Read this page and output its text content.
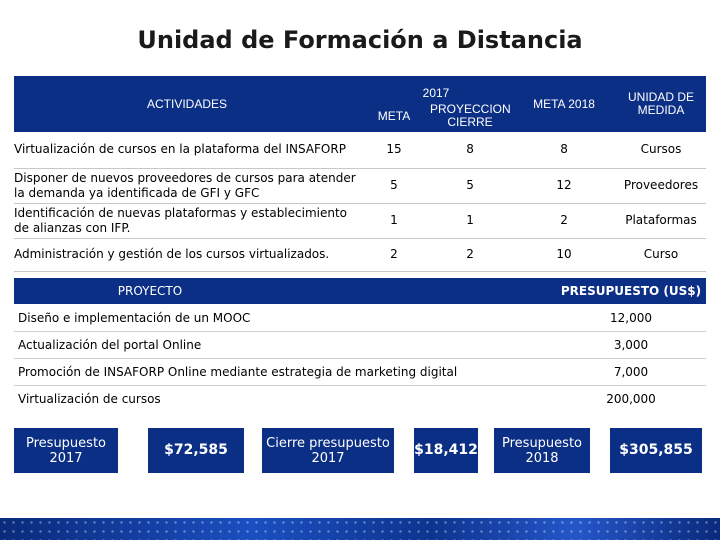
Unidad de Formación a Distancia
ACTIVIDADES	2017		META 2018	UNIDAD DE MEDIDA
	META	PROYECCION CIERRE		
Virtualización de cursos en la plataforma del INSAFORP	15	8	8	Cursos
Disponer de nuevos proveedores de cursos para atender la demanda ya identificada de GFI y GFC	5	5	12	Proveedores
Identificación de nuevas plataformas y establecimiento de alianzas con IFP.	1	1	2	Plataformas
Administración y gestión de los cursos virtualizados.	2	2	10	Curso
PROYECTO	PRESUPUESTO (US$)
Diseño e implementación de un MOOC	12,000
Actualización del portal Online	3,000
Promoción de INSAFORP Online mediante estrategia de marketing digital	7,000
Virtualización de cursos	200,000
Presupuesto 2017	$72,585	Cierre presupuesto 2017	$18,412	Presupuesto 2018	$305,855
